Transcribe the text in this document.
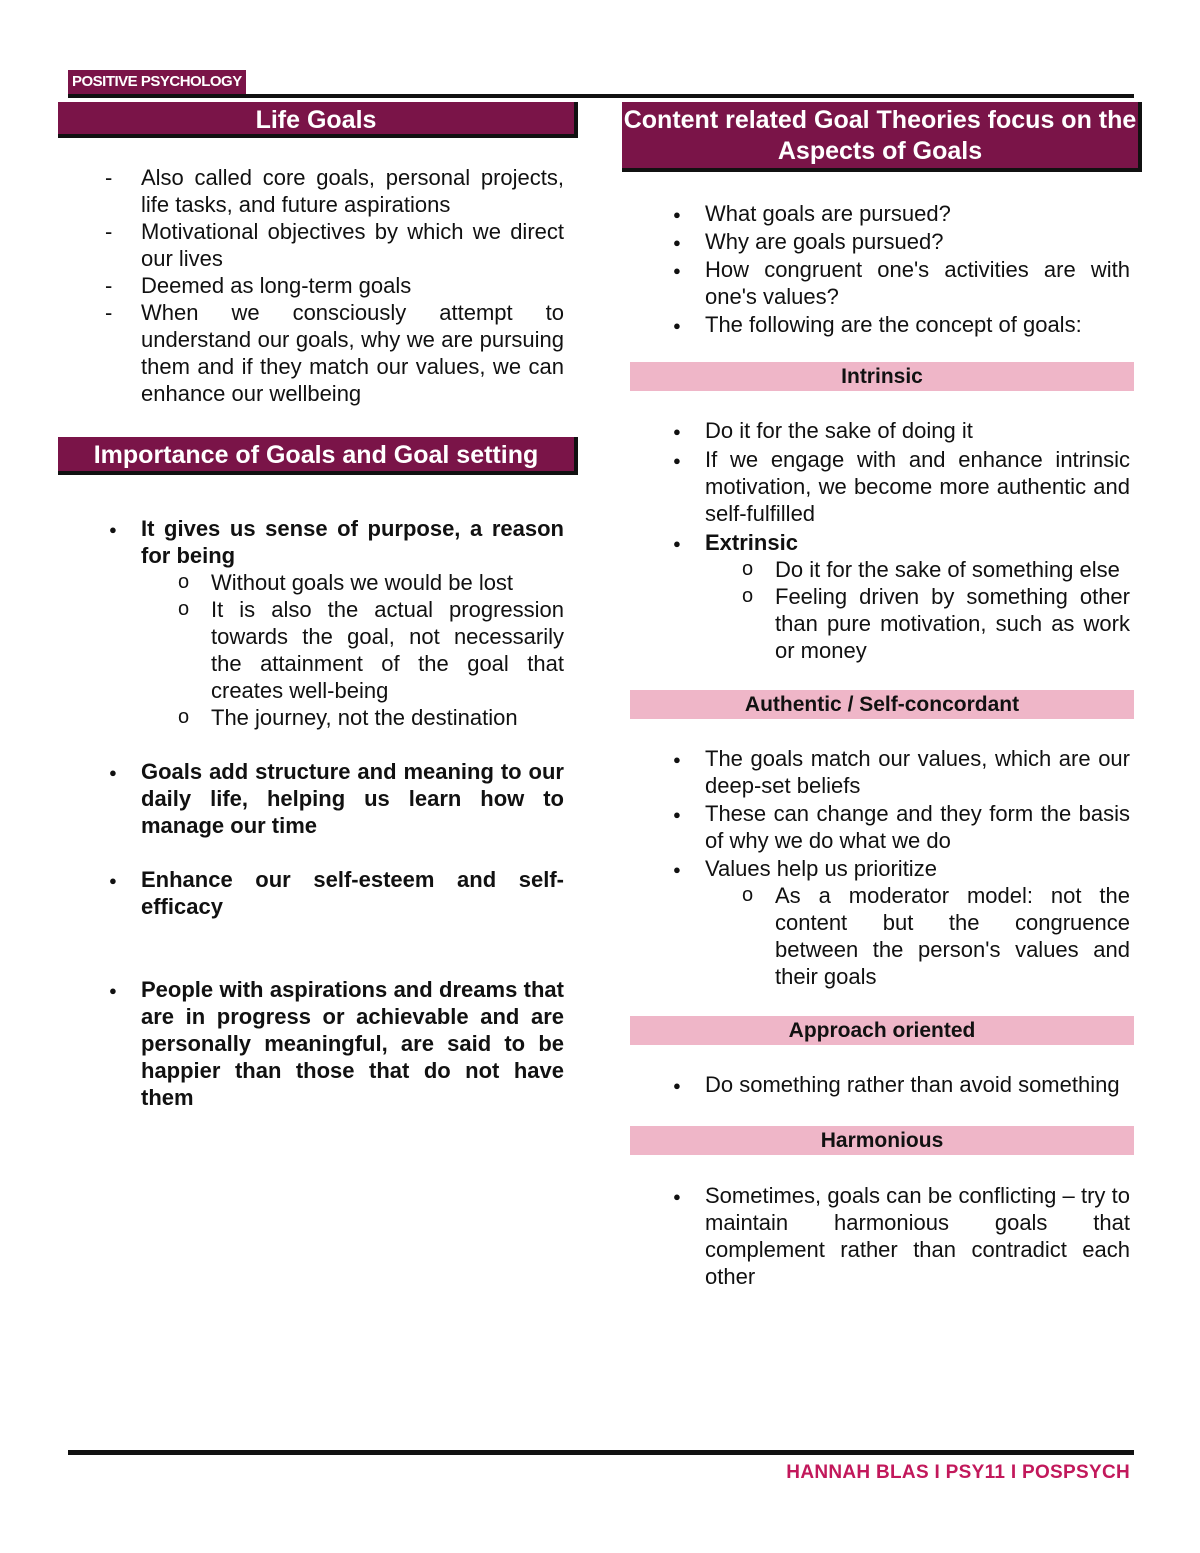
POSITIVE PSYCHOLOGY
Life Goals
- Also called core goals, personal projects, life tasks, and future aspirations
- Motivational objectives by which we direct our lives
- Deemed as long-term goals
- When we consciously attempt to understand our goals, why we are pursuing them and if they match our values, we can enhance our wellbeing
Importance of Goals and Goal setting
● It gives us sense of purpose, a reason for being
o Without goals we would be lost
o It is also the actual progression towards the goal, not necessarily the attainment of the goal that creates well-being
o The journey, not the destination
● Goals add structure and meaning to our daily life, helping us learn how to manage our time
● Enhance our self-esteem and self-efficacy
● People with aspirations and dreams that are in progress or achievable and are personally meaningful, are said to be happier than those that do not have them
Content related Goal Theories focus on the Aspects of Goals
● What goals are pursued?
● Why are goals pursued?
● How congruent one's activities are with one's values?
● The following are the concept of goals:
Intrinsic
● Do it for the sake of doing it
● If we engage with and enhance intrinsic motivation, we become more authentic and self-fulfilled
● Extrinsic
o Do it for the sake of something else
o Feeling driven by something other than pure motivation, such as work or money
Authentic / Self-concordant
● The goals match our values, which are our deep-set beliefs
● These can change and they form the basis of why we do what we do
● Values help us prioritize
o As a moderator model: not the content but the congruence between the person's values and their goals
Approach oriented
● Do something rather than avoid something
Harmonious
● Sometimes, goals can be conflicting – try to maintain harmonious goals that complement rather than contradict each other
HANNAH BLAS I PSY11 I POSPSYCH
